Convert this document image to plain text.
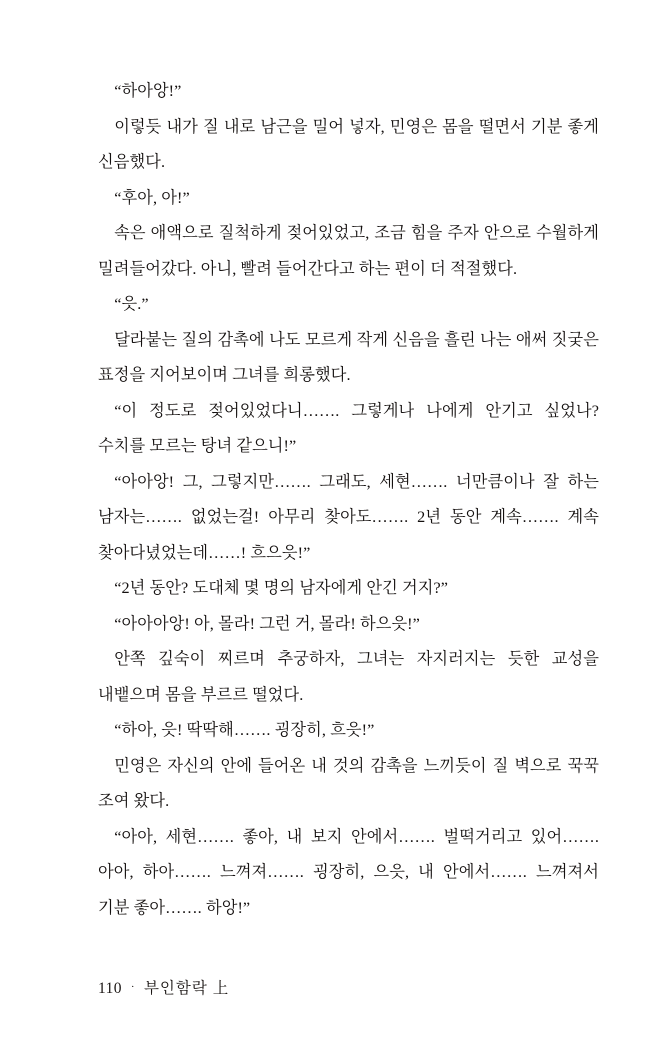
“하아앙!”

이렇듯 내가 질 내로 남근을 밀어 넣자, 민영은 몸을 떨면서 기분 좋게 신음했다.

“후아, 아!”

속은 애액으로 질척하게 젖어있었고, 조금 힘을 주자 안으로 수월하게 밀려들어갔다. 아니, 빨려 들어간다고 하는 편이 더 적절했다.

“읏.”

달라붙는 질의 감촉에 나도 모르게 작게 신음을 흘린 나는 애써 짓궂은 표정을 지어보이며 그녀를 희롱했다.

“이 정도로 젖어있었다니……. 그렇게나 나에게 안기고 싶었나? 수치를 모르는 탕녀 같으니!”

“아아앙! 그, 그렇지만……. 그래도, 세현……. 너만큼이나 잘 하는 남자는……. 없었는걸! 아무리 찾아도……. 2년 동안 계속……. 계속 찾아다녔었는데……! 흐으읏!”

“2년 동안? 도대체 몇 명의 남자에게 안긴 거지?”

“아아아앙! 아, 몰라! 그런 거, 몰라! 하으읏!”

안쪽 깊숙이 찌르며 추궁하자, 그녀는 자지러지는 듯한 교성을 내뱉으며 몸을 부르르 떨었다.

“하아, 읏! 딱딱해……. 굉장히, 흐읏!”

민영은 자신의 안에 들어온 내 것의 감촉을 느끼듯이 질 벽으로 꾹꾹 조여 왔다.

“아아, 세현……. 좋아, 내 보지 안에서……. 벌떡거리고 있어……. 아아, 하아……. 느껴져……. 굉장히, 으읏, 내 안에서……. 느껴져서 기분 좋아……. 하앙!”

110 · 부인함락 上
